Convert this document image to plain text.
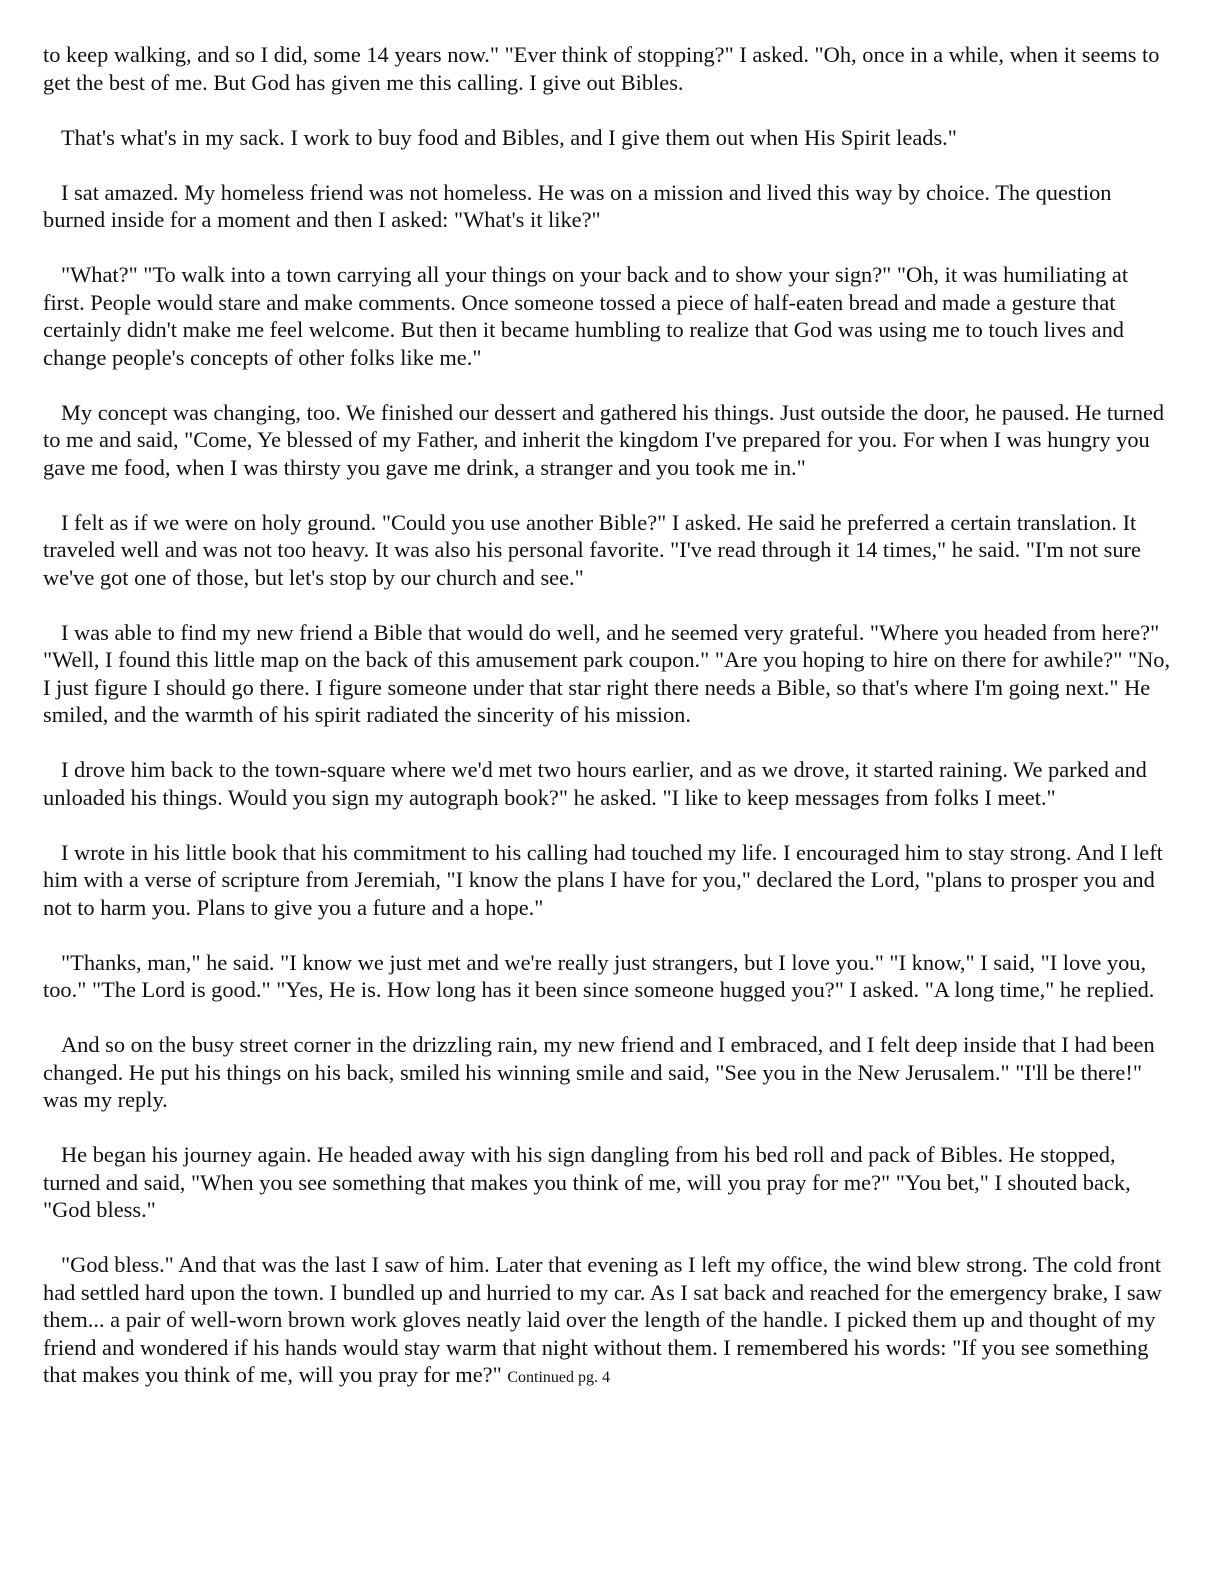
to keep walking, and so I did, some 14 years now." "Ever think of stopping?" I asked. "Oh, once in a while, when it seems to get the best of me. But God has given me this calling. I give out Bibles.

That's what's in my sack. I work to buy food and Bibles, and I give them out when His Spirit leads."

I sat amazed. My homeless friend was not homeless. He was on a mission and lived this way by choice. The question burned inside for a moment and then I asked: "What's it like?"

"What?" "To walk into a town carrying all your things on your back and to show your sign?" "Oh, it was humiliating at first. People would stare and make comments. Once someone tossed a piece of half-eaten bread and made a gesture that certainly didn't make me feel welcome. But then it became humbling to realize that God was using me to touch lives and change people's concepts of other folks like me."

My concept was changing, too. We finished our dessert and gathered his things. Just outside the door, he paused. He turned to me and said, "Come, Ye blessed of my Father, and inherit the kingdom I've prepared for you. For when I was hungry you gave me food, when I was thirsty you gave me drink, a stranger and you took me in."

I felt as if we were on holy ground. "Could you use another Bible?" I asked. He said he preferred a certain translation. It traveled well and was not too heavy. It was also his personal favorite. "I've read through it 14 times," he said. "I'm not sure we've got one of those, but let's stop by our church and see."

I was able to find my new friend a Bible that would do well, and he seemed very grateful. "Where you headed from here?" "Well, I found this little map on the back of this amusement park coupon." "Are you hoping to hire on there for awhile?" "No, I just figure I should go there. I figure someone under that star right there needs a Bible, so that's where I'm going next." He smiled, and the warmth of his spirit radiated the sincerity of his mission.

I drove him back to the town-square where we'd met two hours earlier, and as we drove, it started raining. We parked and unloaded his things. Would you sign my autograph book?" he asked. "I like to keep messages from folks I meet."

I wrote in his little book that his commitment to his calling had touched my life. I encouraged him to stay strong. And I left him with a verse of scripture from Jeremiah, "I know the plans I have for you," declared the Lord, "plans to prosper you and not to harm you. Plans to give you a future and a hope."

"Thanks, man," he said. "I know we just met and we're really just strangers, but I love you." "I know," I said, "I love you, too." "The Lord is good." "Yes, He is. How long has it been since someone hugged you?" I asked. "A long time," he replied.

And so on the busy street corner in the drizzling rain, my new friend and I embraced, and I felt deep inside that I had been changed. He put his things on his back, smiled his winning smile and said, "See you in the New Jerusalem." "I'll be there!" was my reply.

He began his journey again. He headed away with his sign dangling from his bed roll and pack of Bibles. He stopped, turned and said, "When you see something that makes you think of me, will you pray for me?" "You bet," I shouted back, "God bless."

"God bless." And that was the last I saw of him. Later that evening as I left my office, the wind blew strong. The cold front had settled hard upon the town. I bundled up and hurried to my car. As I sat back and reached for the emergency brake, I saw them... a pair of well-worn brown work gloves neatly laid over the length of the handle. I picked them up and thought of my friend and wondered if his hands would stay warm that night without them. I remembered his words: "If you see something that makes you think of me, will you pray for me?" Continued pg. 4
